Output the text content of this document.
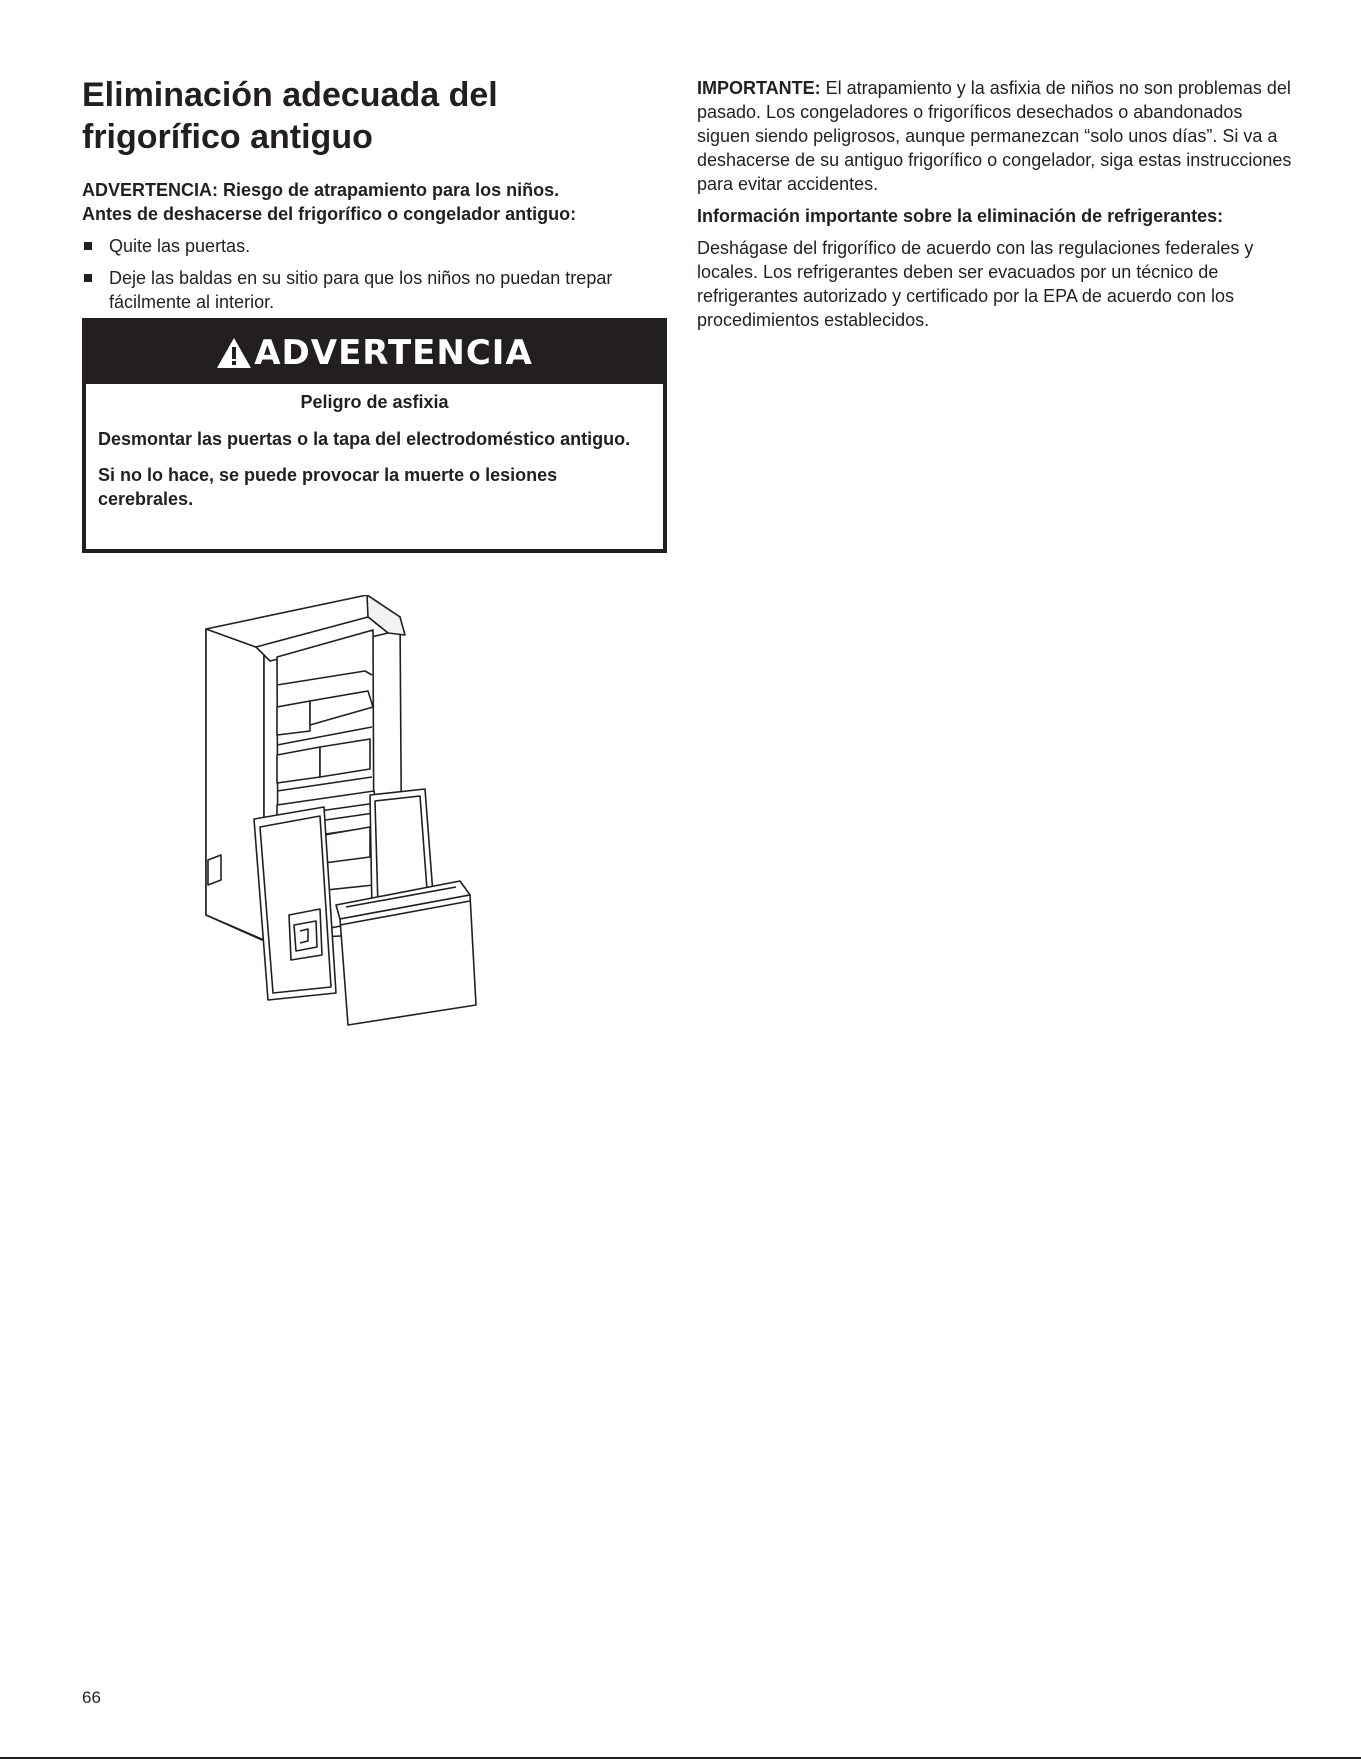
Eliminación adecuada del
frigorífico antiguo

ADVERTENCIA: Riesgo de atrapamiento para los niños.
Antes de deshacerse del frigorífico o congelador antiguo:

Quite las puertas.
Deje las baldas en su sitio para que los niños no puedan trepar fácilmente al interior.
ADVERTENCIA

Peligro de asfixia

Desmontar las puertas o la tapa del electrodoméstico antiguo.

Si no lo hace, se puede provocar la muerte o lesiones cerebrales.

IMPORTANTE: El atrapamiento y la asfixia de niños no son problemas del pasado. Los congeladores o frigoríficos desechados o abandonados siguen siendo peligrosos, aunque permanezcan “solo unos días”. Si va a deshacerse de su antiguo frigorífico o congelador, siga estas instrucciones para evitar accidentes.

Información importante sobre la eliminación de refrigerantes:

Deshágase del frigorífico de acuerdo con las regulaciones federales y locales. Los refrigerantes deben ser evacuados por un técnico de refrigerantes autorizado y certificado por la EPA de acuerdo con los procedimientos establecidos.

66
